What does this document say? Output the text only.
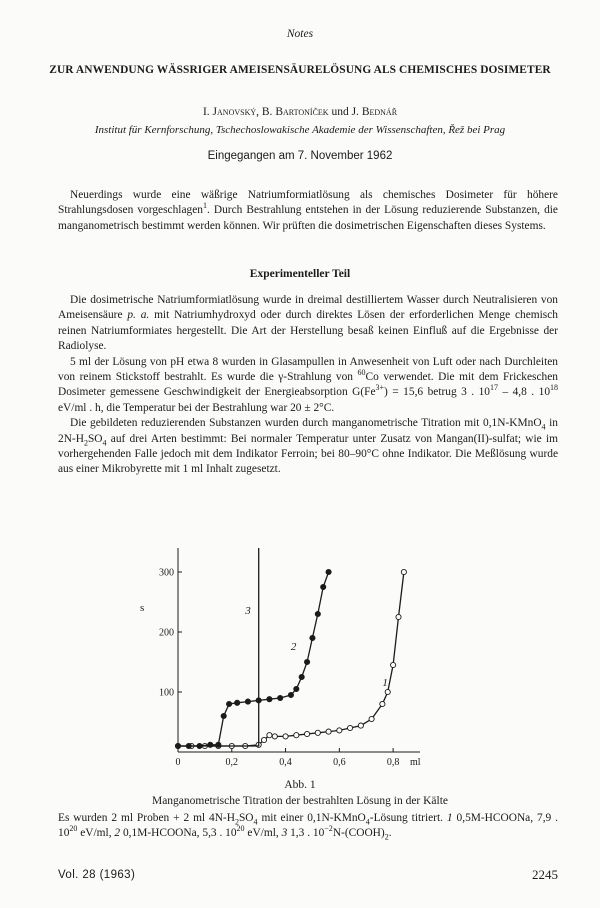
Notes
ZUR ANWENDUNG WÄSSRIGER AMEISENSÄURELÖSUNG ALS CHEMISCHES DOSIMETER
I. Janovský, B. Bartoníček und J. Bednář
Institut für Kernforschung, Tschechoslowakische Akademie der Wissenschaften, Řež bei Prag
Eingegangen am 7. November 1962

Neuerdings wurde eine wäßrige Natriumformiatlösung als chemisches Dosimeter für höhere Strahlungsdosen vorgeschlagen$^1$. Durch Bestrahlung entstehen in der Lösung reduzierende Substanzen, die manganometrisch bestimmt werden können. Wir prüften die dosimetrischen Eigenschaften dieses Systems.

Experimenteller Teil

Die dosimetrische Natriumformiatlösung wurde in dreimal destilliertem Wasser durch Neutralisieren von Ameisensäure p. a. mit Natriumhydroxyd oder durch direktes Lösen der erforderlichen Menge chemisch reinen Natriumformiates hergestellt. Die Art der Herstellung besaß keinen Einfluß auf die Ergebnisse der Radiolyse.

5 ml der Lösung von pH etwa 8 wurden in Glasampullen in Anwesenheit von Luft oder nach Durchleiten von reinem Stickstoff bestrahlt. Es wurde die γ-Strahlung von $^{60}$Co verwendet. Die mit dem Frickeschen Dosimeter gemessene Geschwindigkeit der Energieabsorption $G(Fe^{3+}) = 15,6$ betrug 3 . $10^{17} - 4,8$ . $10^{18}$ eV/ml . h, die Temperatur bei der Bestrahlung war 20 ± 2°C.

Die gebildeten reduzierenden Substanzen wurden durch manganometrische Titration mit 0,1N-KMnO$_4$ in $2N-H_2SO_4$ auf drei Arten bestimmt: Bei normaler Temperatur unter Zusatz von Mangan(II)-sulfat; wie im vorhergehenden Falle jedoch mit dem Indikator Ferroin; bei 80–90°C ohne Indikator. Die Meßlösung wurde aus einer Mikrobyrette mit 1 ml Inhalt zugesetzt.

0	0,2	0,4	0,6	0,8
100
200
300
s
ml
1
2
3
Abb. 1
Manganometrische Titration der bestrahlten Lösung in der Kälte
Es wurden 2 ml Proben + 2 ml $4N-H_2SO_4$ mit einer 0,1N-KMnO$_4$-Lösung titriert. 1 0,5M-HCOONa, 7,9 . $10^{20}$ eV/ml, 2 0,1M-HCOONa, 5,3 . $10^{20}$ eV/ml, 3 1,3 . $10^{-2}N-(COOH)_2$.
Vol. 28 (1963)	2245
